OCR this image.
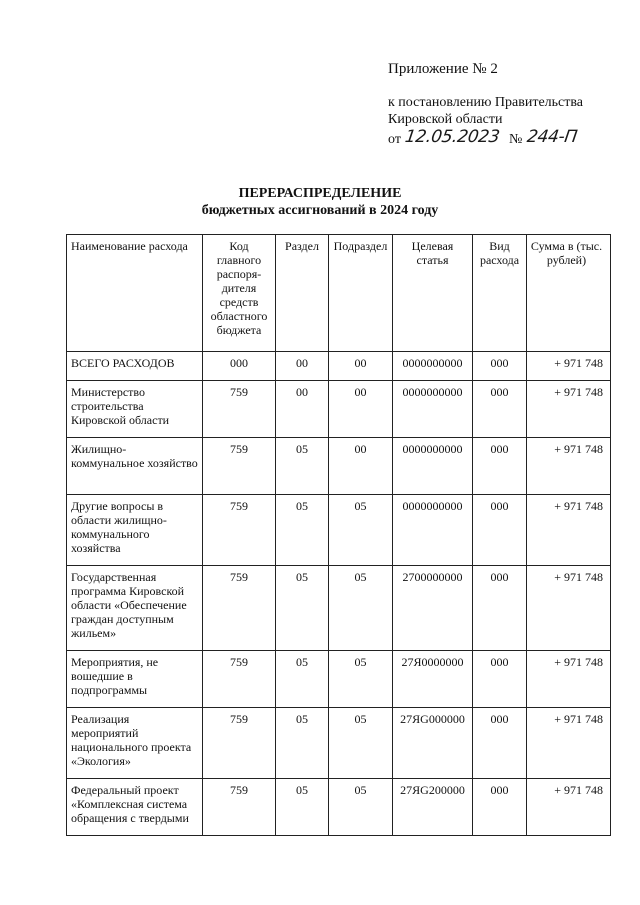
Приложение № 2
к постановлению Правительства
Кировской области
от 12.05.2023 № 244-П
ПЕРЕРАСПРЕДЕЛЕНИЕ
бюджетных ассигнований в 2024 году
Наименование расхода	Код главного распоря-дителя средств областного бюджета	Раздел	Подраздел	Целевая статья	Вид расхода	Сумма в (тыс. рублей)
ВСЕГО РАСХОДОВ	000	00	00	0000000000	000	+ 971 748
Министерство строительства Кировской области	759	00	00	0000000000	000	+ 971 748
Жилищно-коммунальное хозяйство	759	05	00	0000000000	000	+ 971 748
Другие вопросы в области жилищно-коммунального хозяйства	759	05	05	0000000000	000	+ 971 748
Государственная программа Кировской области «Обеспечение граждан доступным жильем»	759	05	05	2700000000	000	+ 971 748
Мероприятия, не вошедшие в подпрограммы	759	05	05	27Я0000000	000	+ 971 748
Реализация мероприятий национального проекта «Экология»	759	05	05	27ЯG000000	000	+ 971 748
Федеральный проект «Комплексная система обращения с твердыми	759	05	05	27ЯG200000	000	+ 971 748
